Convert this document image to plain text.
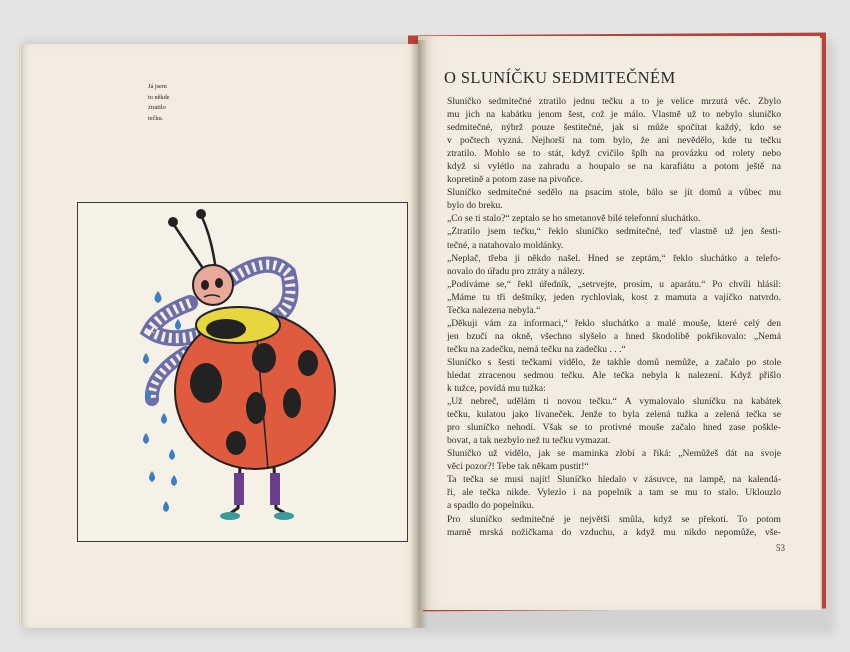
Já jsem
to někde
ztratilo
tečku.
O SLUNÍČKU SEDMITEČNÉM
Sluníčko sedmitečné ztratilo jednu tečku a to je velice mrzutá věc. Zbylo
mu jich na kabátku jenom šest, což je málo. Vlastně už to nebylo sluníčko
sedmitečné, nýbrž pouze šestitečné, jak si může spočítat každý, kdo se
v počtech vyzná. Nejhorší na tom bylo, že ani nevědělo, kde tu tečku
ztratilo. Mohlo se to stát, když cvičilo šplh na provázku od rolety nebo
když si vylétlo na zahradu a houpalo se na karafiátu a potom ještě na
kopretině a potom zase na pivoňce.
Sluníčko sedmitečné sedělo na psacím stole, bálo se jít domů a vůbec mu
bylo do breku.
„Co se ti stalo?“ zeptalo se ho smetanově bílé telefonní sluchátko.
„Ztratilo jsem tečku,“ řeklo sluníčko sedmitečné, teď vlastně už jen šesti-
tečné, a natahovalo moldánky.
„Neplač, třeba ji někdo našel. Hned se zeptám,“ řeklo sluchátko a telefo-
novalo do úřadu pro ztráty a nálezy.
„Podíváme se,“ řekl úředník, „setrvejte, prosím, u aparátu.“ Po chvíli hlásil:
„Máme tu tři deštníky, jeden rychlovlak, kost z mamuta a vajíčko natvrdo.
Tečka nalezena nebyla.“
„Děkuji vám za informaci,“ řeklo sluchátko a malé mouše, které celý den
jen bzučí na okně, všechno slyšelo a hned škodolibě pokřikovalo: „Nemá
tečku na zadečku, nemá tečku na zadečku . . .“
Sluníčko s šesti tečkami vidělo, že takhle domů nemůže, a začalo po stole
hledat ztracenou sedmou tečku. Ale tečka nebyla k nalezení. Když přišlo
k tužce, povídá mu tužka:
„Už nebreč, udělám ti novou tečku.“ A vymalovalo sluníčku na kabátek
tečku, kulatou jako lívaneček. Jenže to byla zelená tužka a zelená tečka se
pro sluníčko nehodí. Však se to protivné mouše začalo hned zase poškle-
bovat, a tak nezbylo než tu tečku vymazat.
Sluníčko už vidělo, jak se maminka zlobí a říká: „Nemůžeš dát na svoje
věci pozor?! Tebe tak někam pustit!“
Ta tečka se musí najít! Sluníčko hledalo v zásuvce, na lampě, na kalendá-
ři, ale tečka nikde. Vylezlo i na popelník a tam se mu to stalo. Uklouzlo
a spadlo do popelníku.
Pro sluníčko sedmitečné je největší smůla, když se překotí. To potom
marně mrská nožičkama do vzduchu, a když mu nikdo nepomůže, vše-
53
